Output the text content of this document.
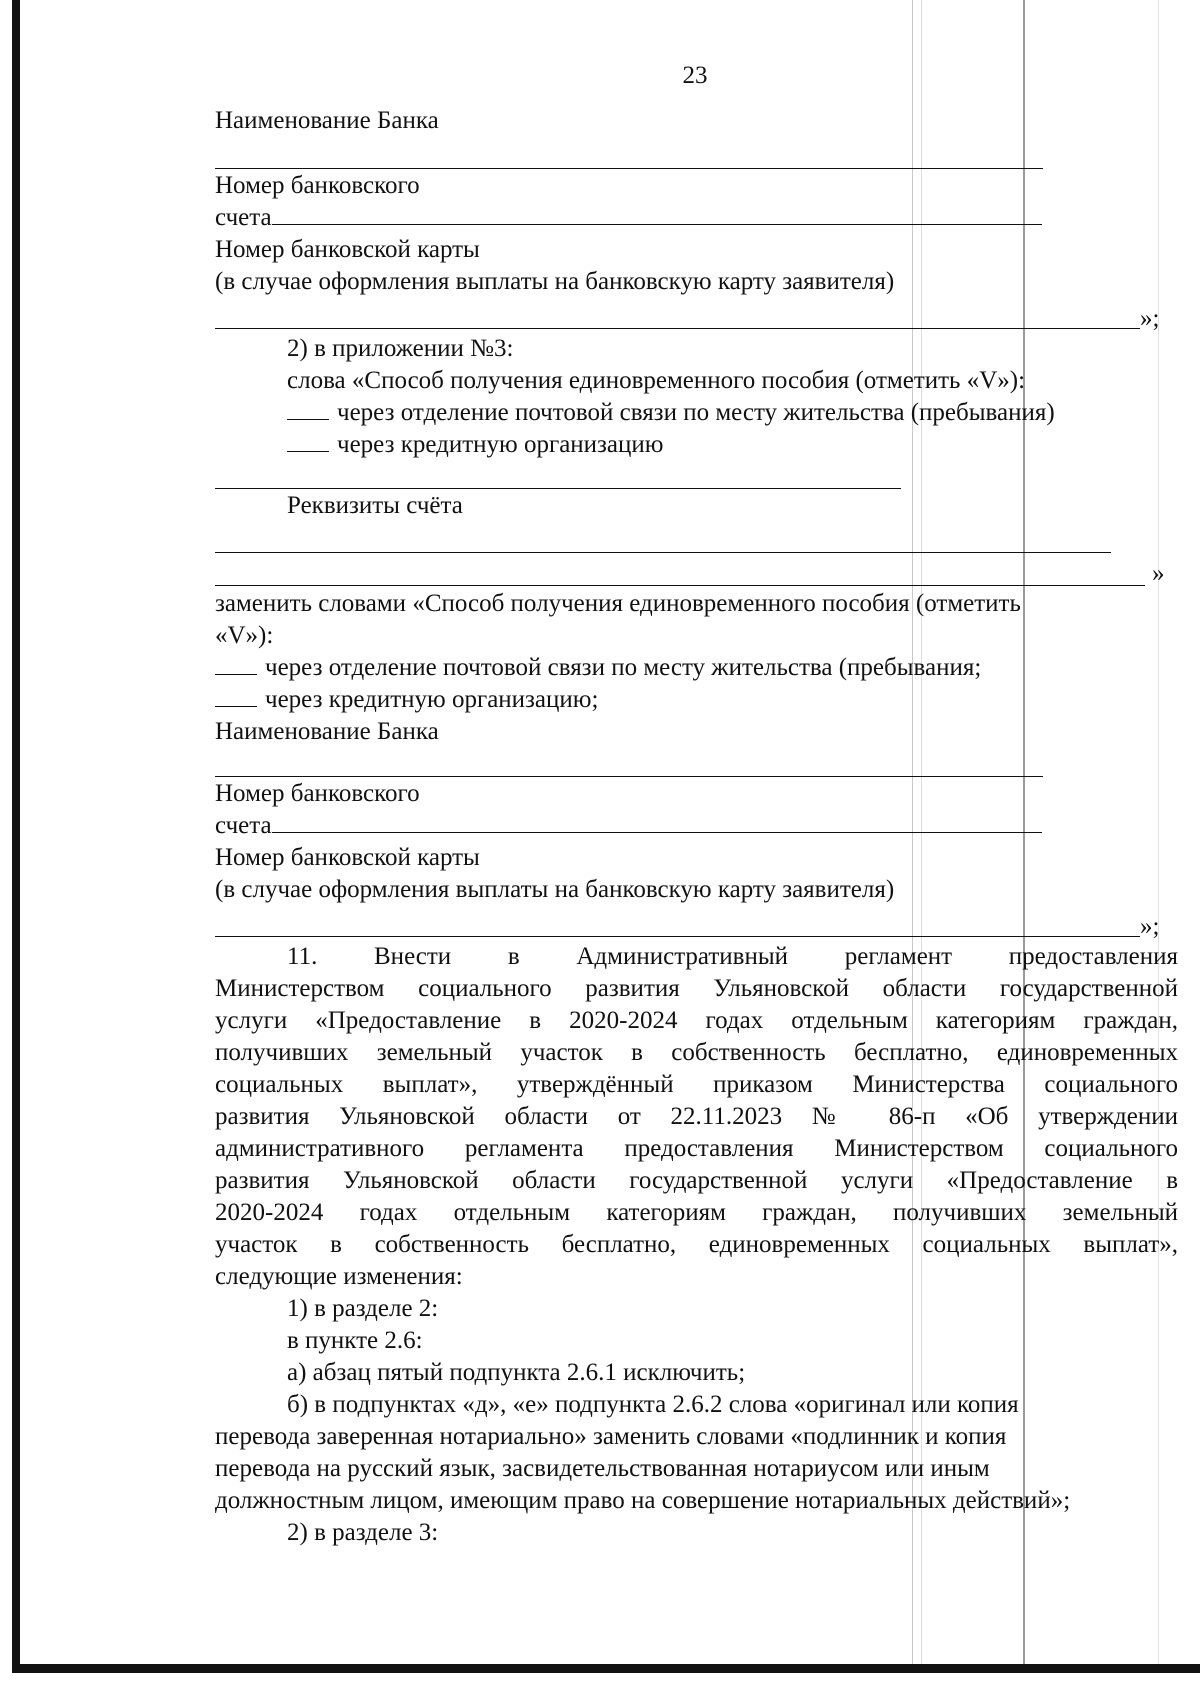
23
Наименование Банка
Номер банковского
счета
Номер банковской карты
(в случае оформления выплаты на банковскую карту заявителя)
»;
2) в приложении №3:
слова «Способ получения единовременного пособия (отметить «V»):
через отделение почтовой связи по месту жительства (пребывания)
через кредитную организацию
Реквизиты счёта
»
заменить словами «Способ получения единовременного пособия (отметить
«V»):
через отделение почтовой связи по месту жительства (пребывания;
через кредитную организацию;
Наименование Банка
Номер банковского
счета
Номер банковской карты
(в случае оформления выплаты на банковскую карту заявителя)
»;
11. Внести в Административный регламент предоставления
Министерством социального развития Ульяновской области государственной
услуги «Предоставление в 2020-2024 годах отдельным категориям граждан,
получивших земельный участок в собственность бесплатно, единовременных
социальных выплат», утверждённый приказом Министерства социального
развития Ульяновской области от 22.11.2023 № 86-п «Об утверждении
административного регламента предоставления Министерством социального
развития Ульяновской области государственной услуги «Предоставление в
2020-2024 годах отдельным категориям граждан, получивших земельный
участок в собственность бесплатно, единовременных социальных выплат»,
следующие изменения:
1) в разделе 2:
в пункте 2.6:
а) абзац пятый подпункта 2.6.1 исключить;
б) в подпунктах «д», «е» подпункта 2.6.2 слова «оригинал или копия
перевода заверенная нотариально» заменить словами «подлинник и копия
перевода на русский язык, засвидетельствованная нотариусом или иным
должностным лицом, имеющим право на совершение нотариальных действий»;
2) в разделе 3:
